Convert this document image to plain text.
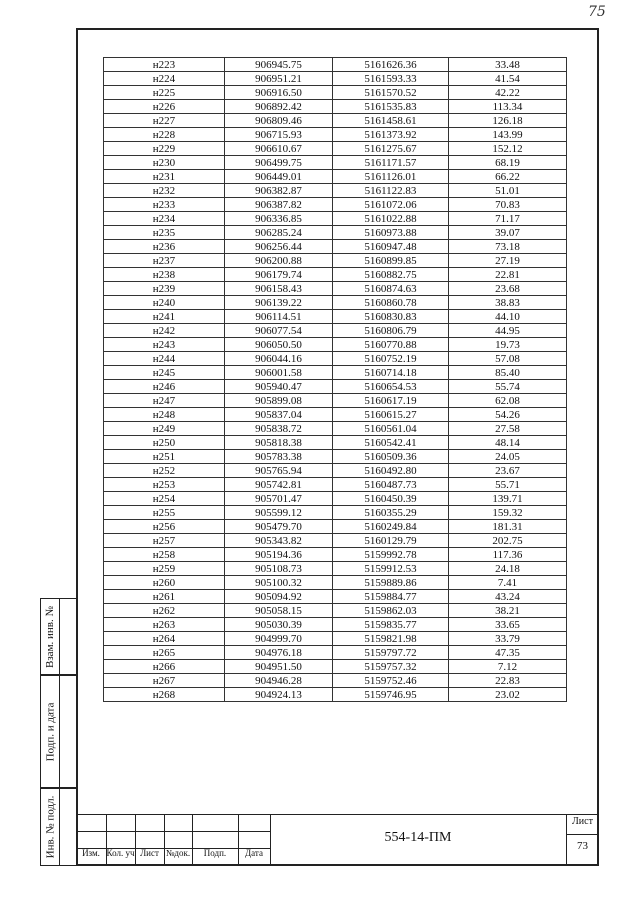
75
н223	906945.75	5161626.36	33.48
н224	906951.21	5161593.33	41.54
н225	906916.50	5161570.52	42.22
н226	906892.42	5161535.83	113.34
н227	906809.46	5161458.61	126.18
н228	906715.93	5161373.92	143.99
н229	906610.67	5161275.67	152.12
н230	906499.75	5161171.57	68.19
н231	906449.01	5161126.01	66.22
н232	906382.87	5161122.83	51.01
н233	906387.82	5161072.06	70.83
н234	906336.85	5161022.88	71.17
н235	906285.24	5160973.88	39.07
н236	906256.44	5160947.48	73.18
н237	906200.88	5160899.85	27.19
н238	906179.74	5160882.75	22.81
н239	906158.43	5160874.63	23.68
н240	906139.22	5160860.78	38.83
н241	906114.51	5160830.83	44.10
н242	906077.54	5160806.79	44.95
н243	906050.50	5160770.88	19.73
н244	906044.16	5160752.19	57.08
н245	906001.58	5160714.18	85.40
н246	905940.47	5160654.53	55.74
н247	905899.08	5160617.19	62.08
н248	905837.04	5160615.27	54.26
н249	905838.72	5160561.04	27.58
н250	905818.38	5160542.41	48.14
н251	905783.38	5160509.36	24.05
н252	905765.94	5160492.80	23.67
н253	905742.81	5160487.73	55.71
н254	905701.47	5160450.39	139.71
н255	905599.12	5160355.29	159.32
н256	905479.70	5160249.84	181.31
н257	905343.82	5160129.79	202.75
н258	905194.36	5159992.78	117.36
н259	905108.73	5159912.53	24.18
н260	905100.32	5159889.86	7.41
н261	905094.92	5159884.77	43.24
н262	905058.15	5159862.03	38.21
н263	905030.39	5159835.77	33.65
н264	904999.70	5159821.98	33.79
н265	904976.18	5159797.72	47.35
н266	904951.50	5159757.32	7.12
н267	904946.28	5159752.46	22.83
н268	904924.13	5159746.95	23.02
Взам. инв. №
Подп. и дата
Инв. № подл.	Изм. Кол. уч Лист №док.	Подп.	Дата
554-14-ПМ
Лист
73
